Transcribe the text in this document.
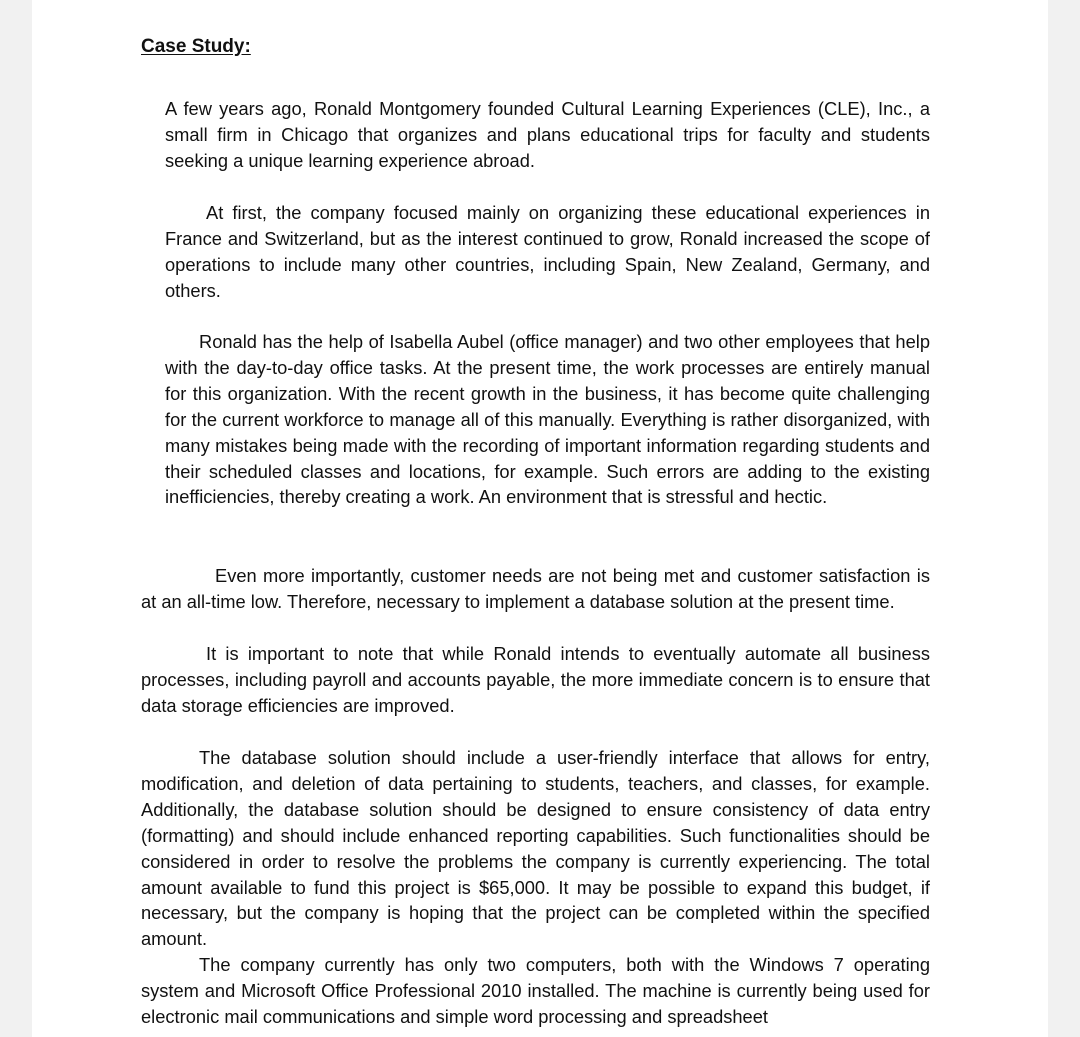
Case Study:

A few years ago, Ronald Montgomery founded Cultural Learning Experiences (CLE), Inc., a small firm in Chicago that organizes and plans educational trips for faculty and students seeking a unique learning experience abroad.

At first, the company focused mainly on organizing these educational experiences in France and Switzerland, but as the interest continued to grow, Ronald increased the scope of operations to include many other countries, including Spain, New Zealand, Germany, and others.

Ronald has the help of Isabella Aubel (office manager) and two other employees that help with the day-to-day office tasks. At the present time, the work processes are entirely manual for this organization. With the recent growth in the business, it has become quite challenging for the current workforce to manage all of this manually. Everything is rather disorganized, with many mistakes being made with the recording of important information regarding students and their scheduled classes and locations, for example. Such errors are adding to the existing inefficiencies, thereby creating a work. An environment that is stressful and hectic.

Even more importantly, customer needs are not being met and customer satisfaction is at an all-time low. Therefore, necessary to implement a database solution at the present time.

It is important to note that while Ronald intends to eventually automate all business processes, including payroll and accounts payable, the more immediate concern is to ensure that data storage efficiencies are improved.

The database solution should include a user-friendly interface that allows for entry, modification, and deletion of data pertaining to students, teachers, and classes, for example. Additionally, the database solution should be designed to ensure consistency of data entry (formatting) and should include enhanced reporting capabilities. Such functionalities should be considered in order to resolve the problems the company is currently experiencing. The total amount available to fund this project is $65,000. It may be possible to expand this budget, if necessary, but the company is hoping that the project can be completed within the specified amount.

The company currently has only two computers, both with the Windows 7 operating system and Microsoft Office Professional 2010 installed. The machine is currently being used for electronic mail communications and simple word processing and spreadsheet
